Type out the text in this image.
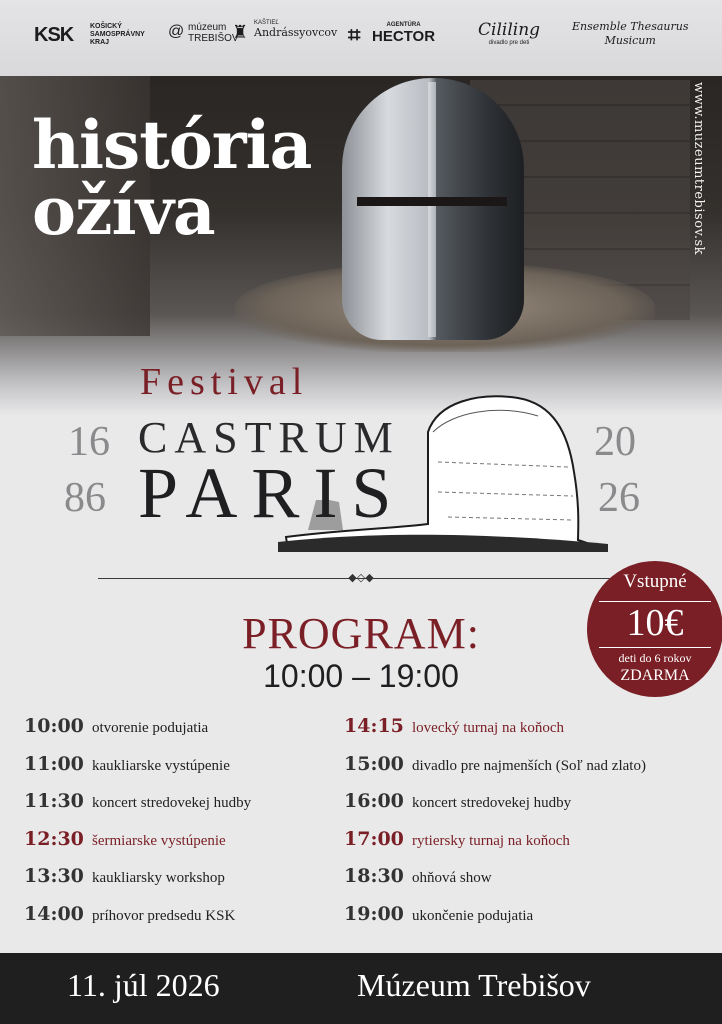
KSK KOŠICKÝ SAMOSPRÁVNY KRAJ
@ múzeum TREBIŠOV
♜ KAŠTIEĽ
Andrássyovcov ⌗	AGENTÚRA
HECTOR	Cililing
divadlo pre deti
Ensemble Thesaurus
Musicum
www.muzeumtrebisov.sk
história
ožíva
Festival
16
86
20
26
CASTRUM
PARIS
◆◇◆
PROGRAM:
10:00 – 19:00
Vstupné
10€
deti do 6 rokov
ZDARMA
10:00 otvorenie podujatia
11:00 kaukliarske vystúpenie
11:30 koncert stredovekej hudby
12:30 šermiarske vystúpenie
13:30 kaukliarsky workshop
14:00 príhovor predsedu KSK
14:15 lovecký turnaj na koňoch
15:00 divadlo pre najmenších (Soľ nad zlato)
16:00 koncert stredovekej hudby
17:00 rytiersky turnaj na koňoch
18:30 ohňová show
19:00 ukončenie podujatia
11. júl 2026	Múzeum Trebišov
